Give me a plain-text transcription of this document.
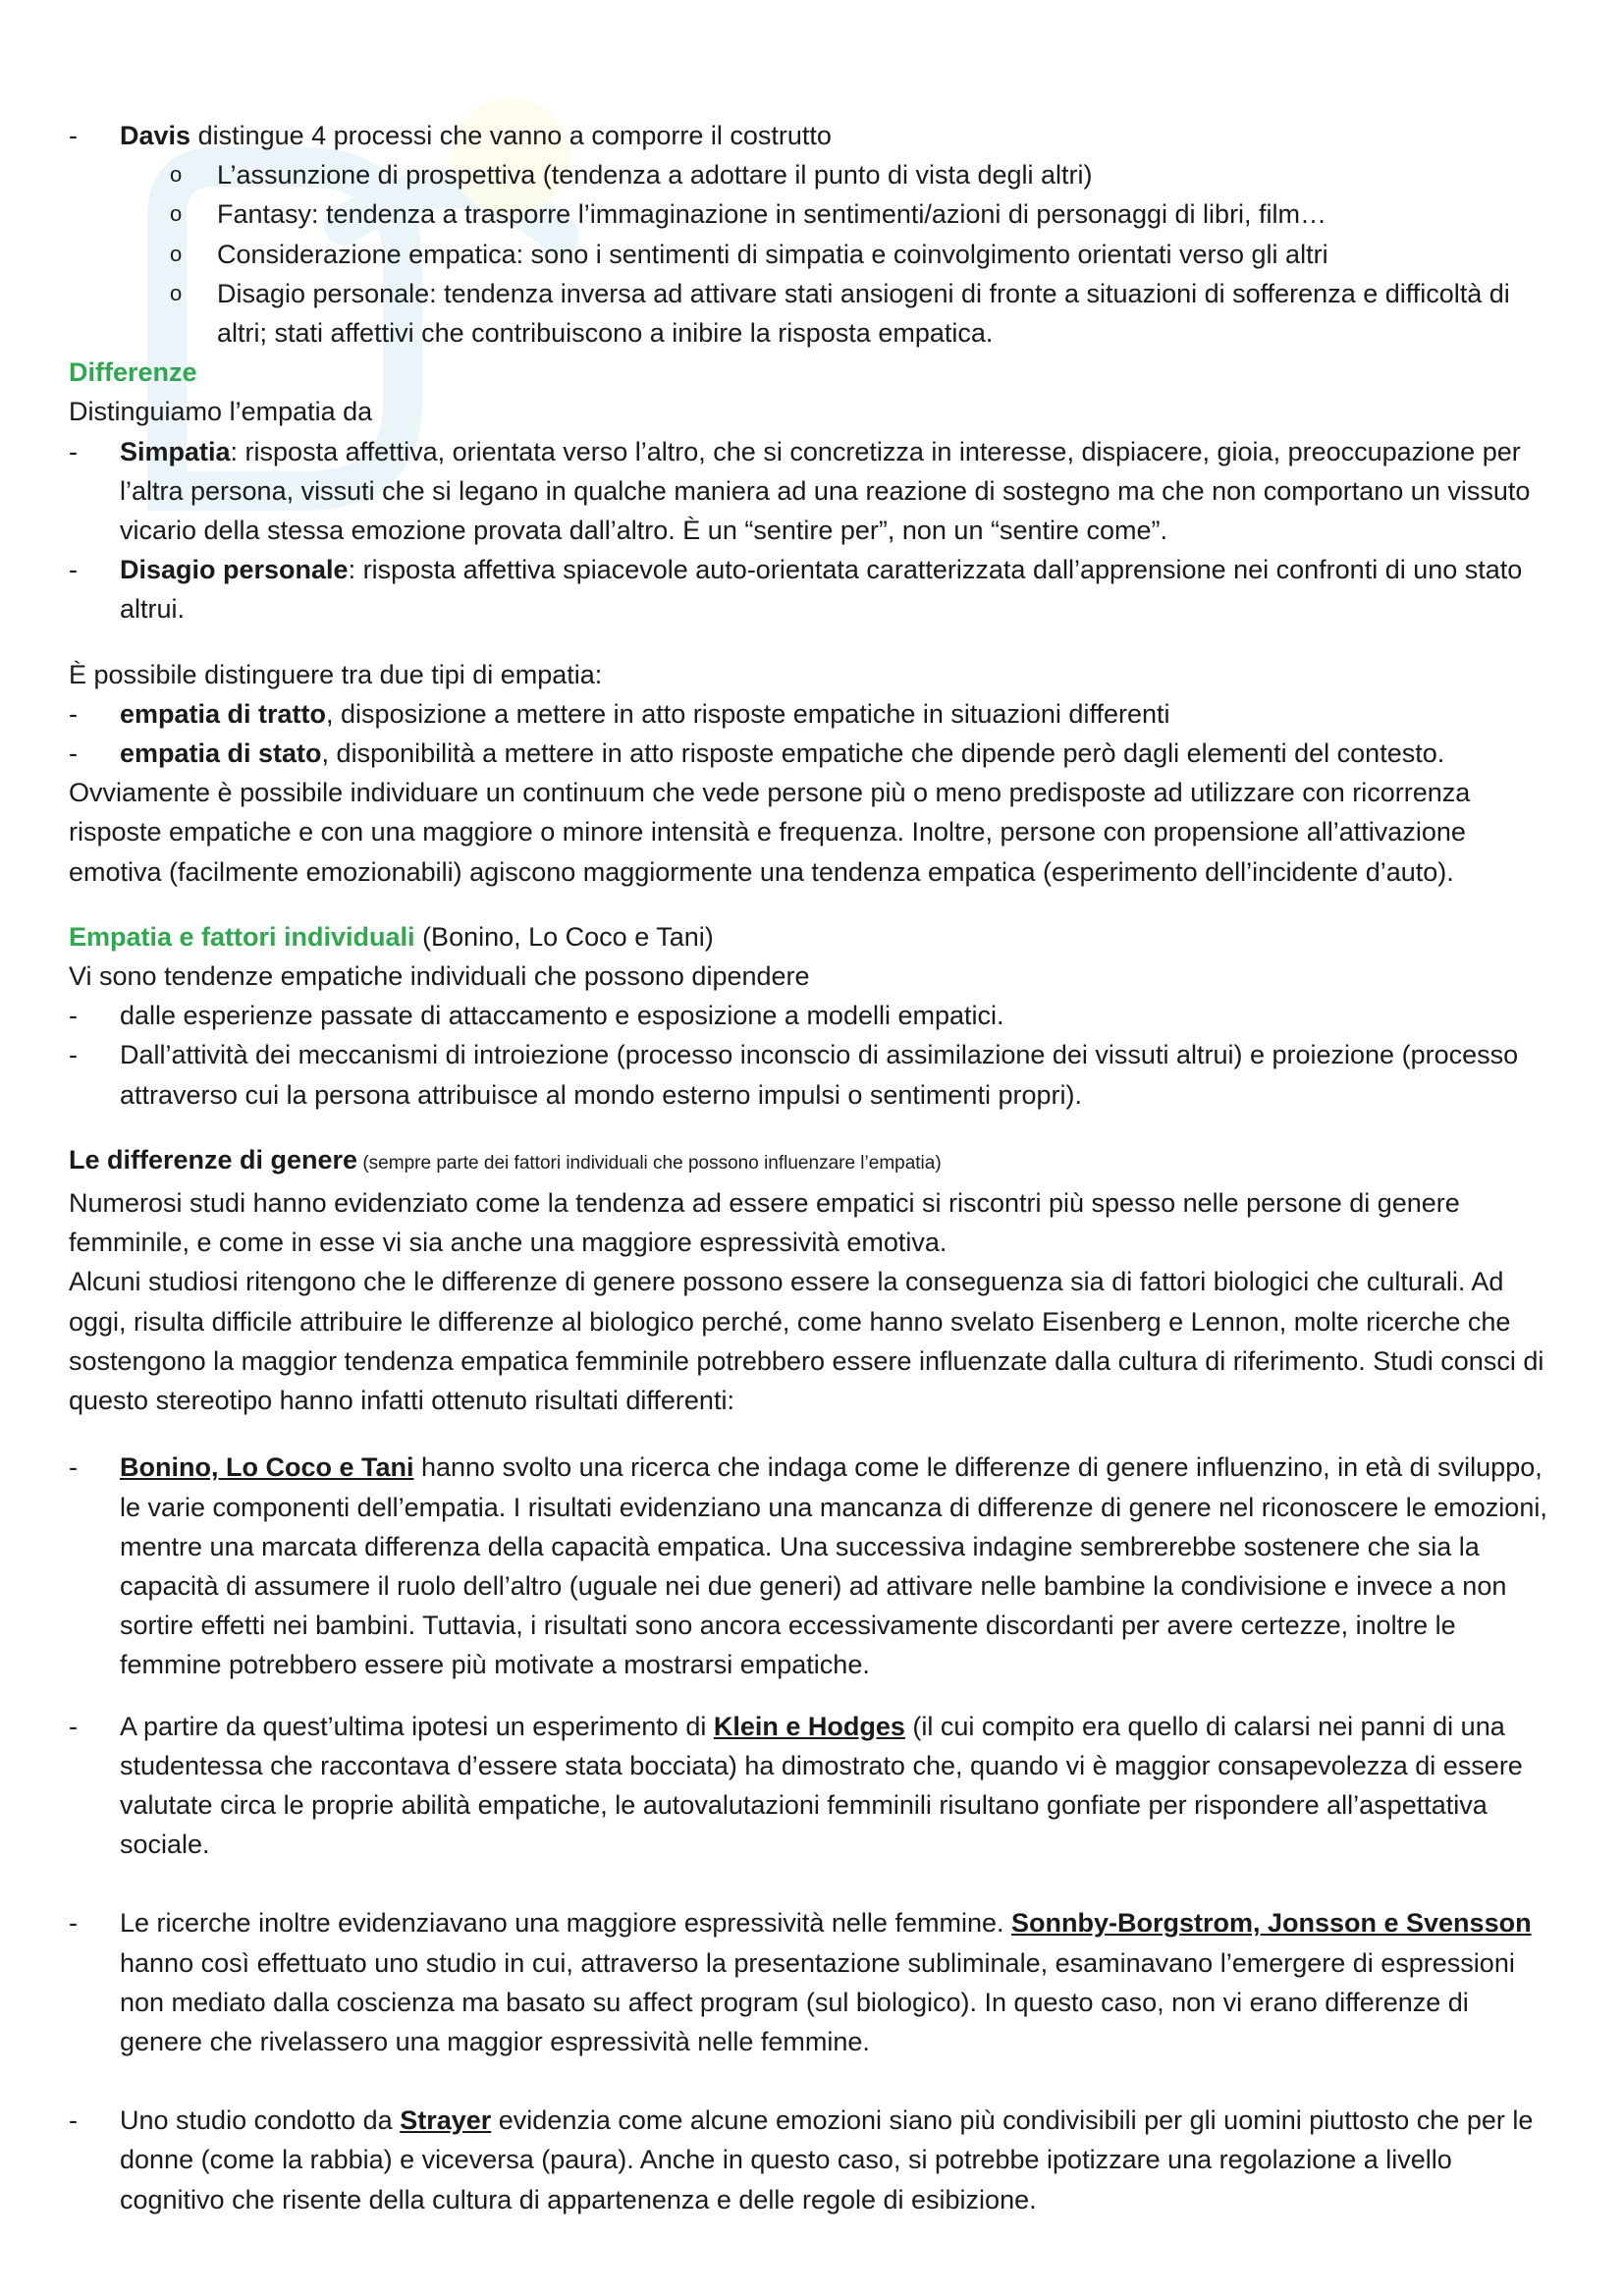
- Davis distingue 4 processi che vanno a comporre il costrutto
o L’assunzione di prospettiva (tendenza a adottare il punto di vista degli altri)
o Fantasy: tendenza a trasporre l’immaginazione in sentimenti/azioni di personaggi di libri, film…
o Considerazione empatica: sono i sentimenti di simpatia e coinvolgimento orientati verso gli altri
o Disagio personale: tendenza inversa ad attivare stati ansiogeni di fronte a situazioni di sofferenza e difficoltà di altri; stati affettivi che contribuiscono a inibire la risposta empatica.
Differenze
Distinguiamo l’empatia da
- Simpatia: risposta affettiva, orientata verso l’altro, che si concretizza in interesse, dispiacere, gioia, preoccupazione per l’altra persona, vissuti che si legano in qualche maniera ad una reazione di sostegno ma che non comportano un vissuto vicario della stessa emozione provata dall’altro. È un “sentire per”, non un “sentire come”.
- Disagio personale: risposta affettiva spiacevole auto-orientata caratterizzata dall’apprensione nei confronti di uno stato altrui.
È possibile distinguere tra due tipi di empatia:
- empatia di tratto, disposizione a mettere in atto risposte empatiche in situazioni differenti
- empatia di stato, disponibilità a mettere in atto risposte empatiche che dipende però dagli elementi del contesto.
Ovviamente è possibile individuare un continuum che vede persone più o meno predisposte ad utilizzare con ricorrenza risposte empatiche e con una maggiore o minore intensità e frequenza. Inoltre, persone con propensione all’attivazione emotiva (facilmente emozionabili) agiscono maggiormente una tendenza empatica (esperimento dell’incidente d’auto).
Empatia e fattori individuali (Bonino, Lo Coco e Tani)
Vi sono tendenze empatiche individuali che possono dipendere
- dalle esperienze passate di attaccamento e esposizione a modelli empatici.
- Dall’attività dei meccanismi di introiezione (processo inconscio di assimilazione dei vissuti altrui) e proiezione (processo attraverso cui la persona attribuisce al mondo esterno impulsi o sentimenti propri).
Le differenze di genere (sempre parte dei fattori individuali che possono influenzare l’empatia)
Numerosi studi hanno evidenziato come la tendenza ad essere empatici si riscontri più spesso nelle persone di genere femminile, e come in esse vi sia anche una maggiore espressività emotiva.
Alcuni studiosi ritengono che le differenze di genere possono essere la conseguenza sia di fattori biologici che culturali. Ad oggi, risulta difficile attribuire le differenze al biologico perché, come hanno svelato Eisenberg e Lennon, molte ricerche che sostengono la maggior tendenza empatica femminile potrebbero essere influenzate dalla cultura di riferimento. Studi consci di questo stereotipo hanno infatti ottenuto risultati differenti:
- Bonino, Lo Coco e Tani hanno svolto una ricerca che indaga come le differenze di genere influenzino, in età di sviluppo, le varie componenti dell’empatia. I risultati evidenziano una mancanza di differenze di genere nel riconoscere le emozioni, mentre una marcata differenza della capacità empatica. Una successiva indagine sembrerebbe sostenere che sia la capacità di assumere il ruolo dell’altro (uguale nei due generi) ad attivare nelle bambine la condivisione e invece a non sortire effetti nei bambini. Tuttavia, i risultati sono ancora eccessivamente discordanti per avere certezze, inoltre le femmine potrebbero essere più motivate a mostrarsi empatiche.
- A partire da quest’ultima ipotesi un esperimento di Klein e Hodges (il cui compito era quello di calarsi nei panni di una studentessa che raccontava d’essere stata bocciata) ha dimostrato che, quando vi è maggior consapevolezza di essere valutate circa le proprie abilità empatiche, le autovalutazioni femminili risultano gonfiate per rispondere all’aspettativa sociale.
- Le ricerche inoltre evidenziavano una maggiore espressività nelle femmine. Sonnby-Borgstrom, Jonsson e Svensson hanno così effettuato uno studio in cui, attraverso la presentazione subliminale, esaminavano l’emergere di espressioni non mediato dalla coscienza ma basato su affect program (sul biologico). In questo caso, non vi erano differenze di genere che rivelassero una maggior espressività nelle femmine.
- Uno studio condotto da Strayer evidenzia come alcune emozioni siano più condivisibili per gli uomini piuttosto che per le donne (come la rabbia) e viceversa (paura). Anche in questo caso, si potrebbe ipotizzare una regolazione a livello cognitivo che risente della cultura di appartenenza e delle regole di esibizione.
